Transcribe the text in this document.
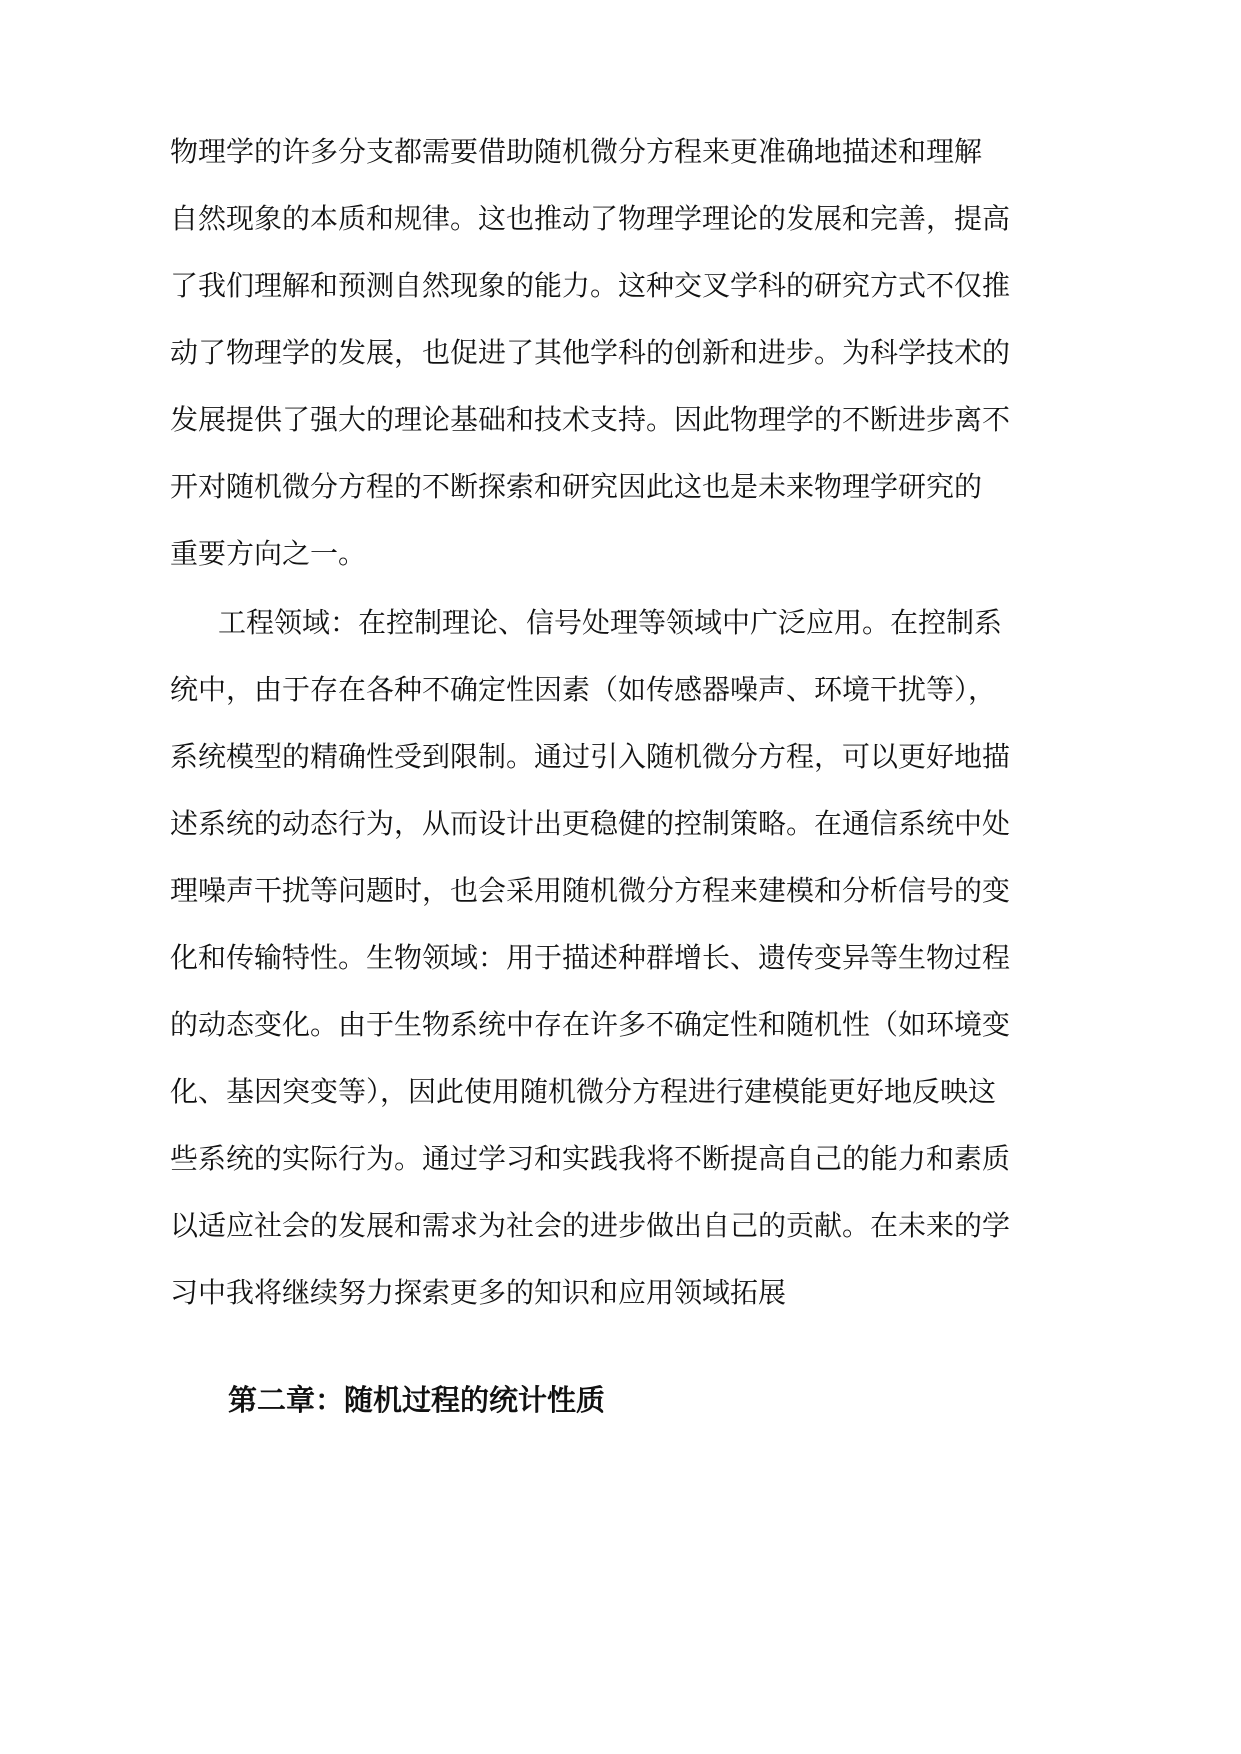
物理学的许多分支都需要借助随机微分方程来更准确地描述和理解
自然现象的本质和规律。这也推动了物理学理论的发展和完善，提高
了我们理解和预测自然现象的能力。这种交叉学科的研究方式不仅推
动了物理学的发展，也促进了其他学科的创新和进步。为科学技术的
发展提供了强大的理论基础和技术支持。因此物理学的不断进步离不
开对随机微分方程的不断探索和研究因此这也是未来物理学研究的
重要方向之一。
工程领域：在控制理论、信号处理等领域中广泛应用。在控制系
统中，由于存在各种不确定性因素（如传感器噪声、环境干扰等），
系统模型的精确性受到限制。通过引入随机微分方程，可以更好地描
述系统的动态行为，从而设计出更稳健的控制策略。在通信系统中处
理噪声干扰等问题时，也会采用随机微分方程来建模和分析信号的变
化和传输特性。生物领域：用于描述种群增长、遗传变异等生物过程
的动态变化。由于生物系统中存在许多不确定性和随机性（如环境变
化、基因突变等），因此使用随机微分方程进行建模能更好地反映这
些系统的实际行为。通过学习和实践我将不断提高自己的能力和素质
以适应社会的发展和需求为社会的进步做出自己的贡献。在未来的学
习中我将继续努力探索更多的知识和应用领域拓展
第二章：随机过程的统计性质
